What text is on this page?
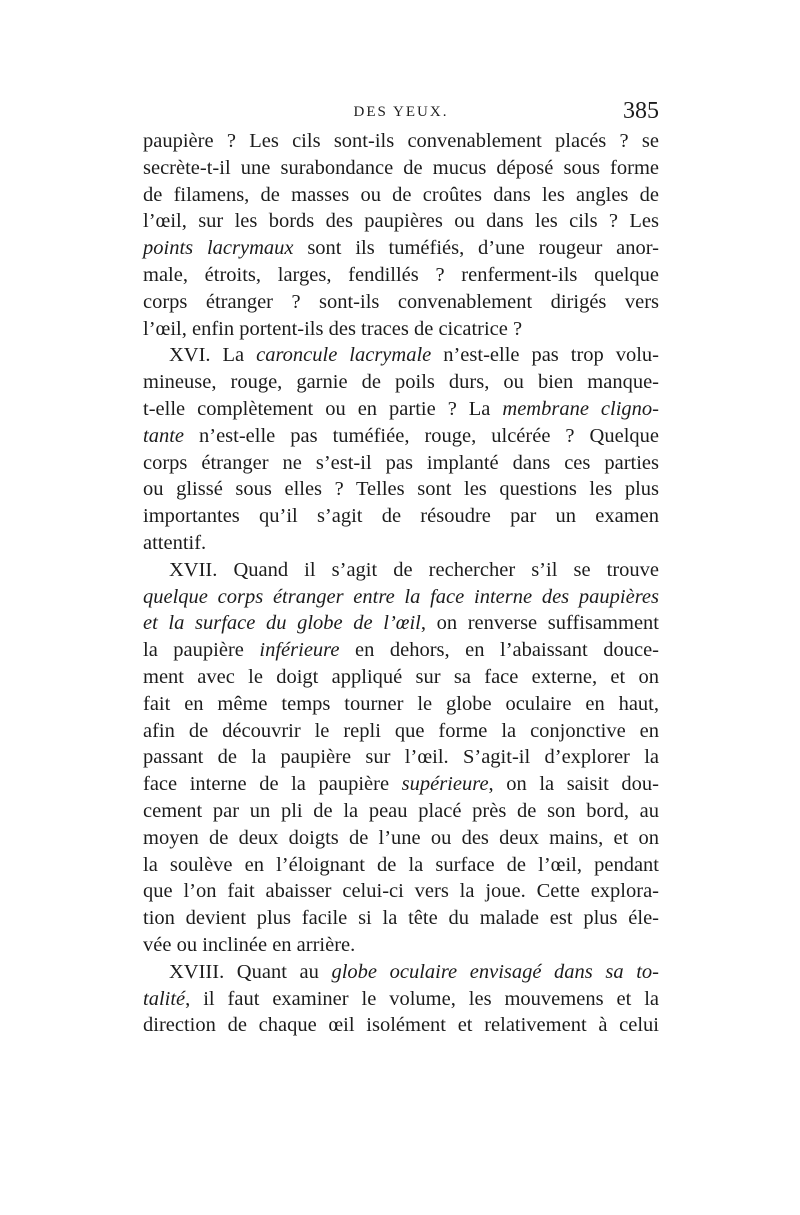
DES YEUX.	385
paupière ? Les cils sont-ils convenablement placés ? se
secrète-t-il une surabondance de mucus déposé sous forme
de filamens, de masses ou de croûtes dans les angles de
l’œil, sur les bords des paupières ou dans les cils ? Les
points lacrymaux sont ils tuméfiés, d’une rougeur anor-
male, étroits, larges, fendillés ? renferment-ils quelque
corps étranger ? sont-ils convenablement dirigés vers
l’œil, enfin portent-ils des traces de cicatrice ?
XVI. La caroncule lacrymale n’est-elle pas trop volu-
mineuse, rouge, garnie de poils durs, ou bien manque-
t-elle complètement ou en partie ? La membrane cligno-
tante n’est-elle pas tuméfiée, rouge, ulcérée ? Quelque
corps étranger ne s’est-il pas implanté dans ces parties
ou glissé sous elles ? Telles sont les questions les plus
importantes qu’il s’agit de résoudre par un examen
attentif.
XVII. Quand il s’agit de rechercher s’il se trouve
quelque corps étranger entre la face interne des paupières
et la surface du globe de l’œil, on renverse suffisamment
la paupière inférieure en dehors, en l’abaissant douce-
ment avec le doigt appliqué sur sa face externe, et on
fait en même temps tourner le globe oculaire en haut,
afin de découvrir le repli que forme la conjonctive en
passant de la paupière sur l’œil. S’agit-il d’explorer la
face interne de la paupière supérieure, on la saisit dou-
cement par un pli de la peau placé près de son bord, au
moyen de deux doigts de l’une ou des deux mains, et on
la soulève en l’éloignant de la surface de l’œil, pendant
que l’on fait abaisser celui-ci vers la joue. Cette explora-
tion devient plus facile si la tête du malade est plus éle-
vée ou inclinée en arrière.
XVIII. Quant au globe oculaire envisagé dans sa to-
talité, il faut examiner le volume, les mouvemens et la
direction de chaque œil isolément et relativement à celui
